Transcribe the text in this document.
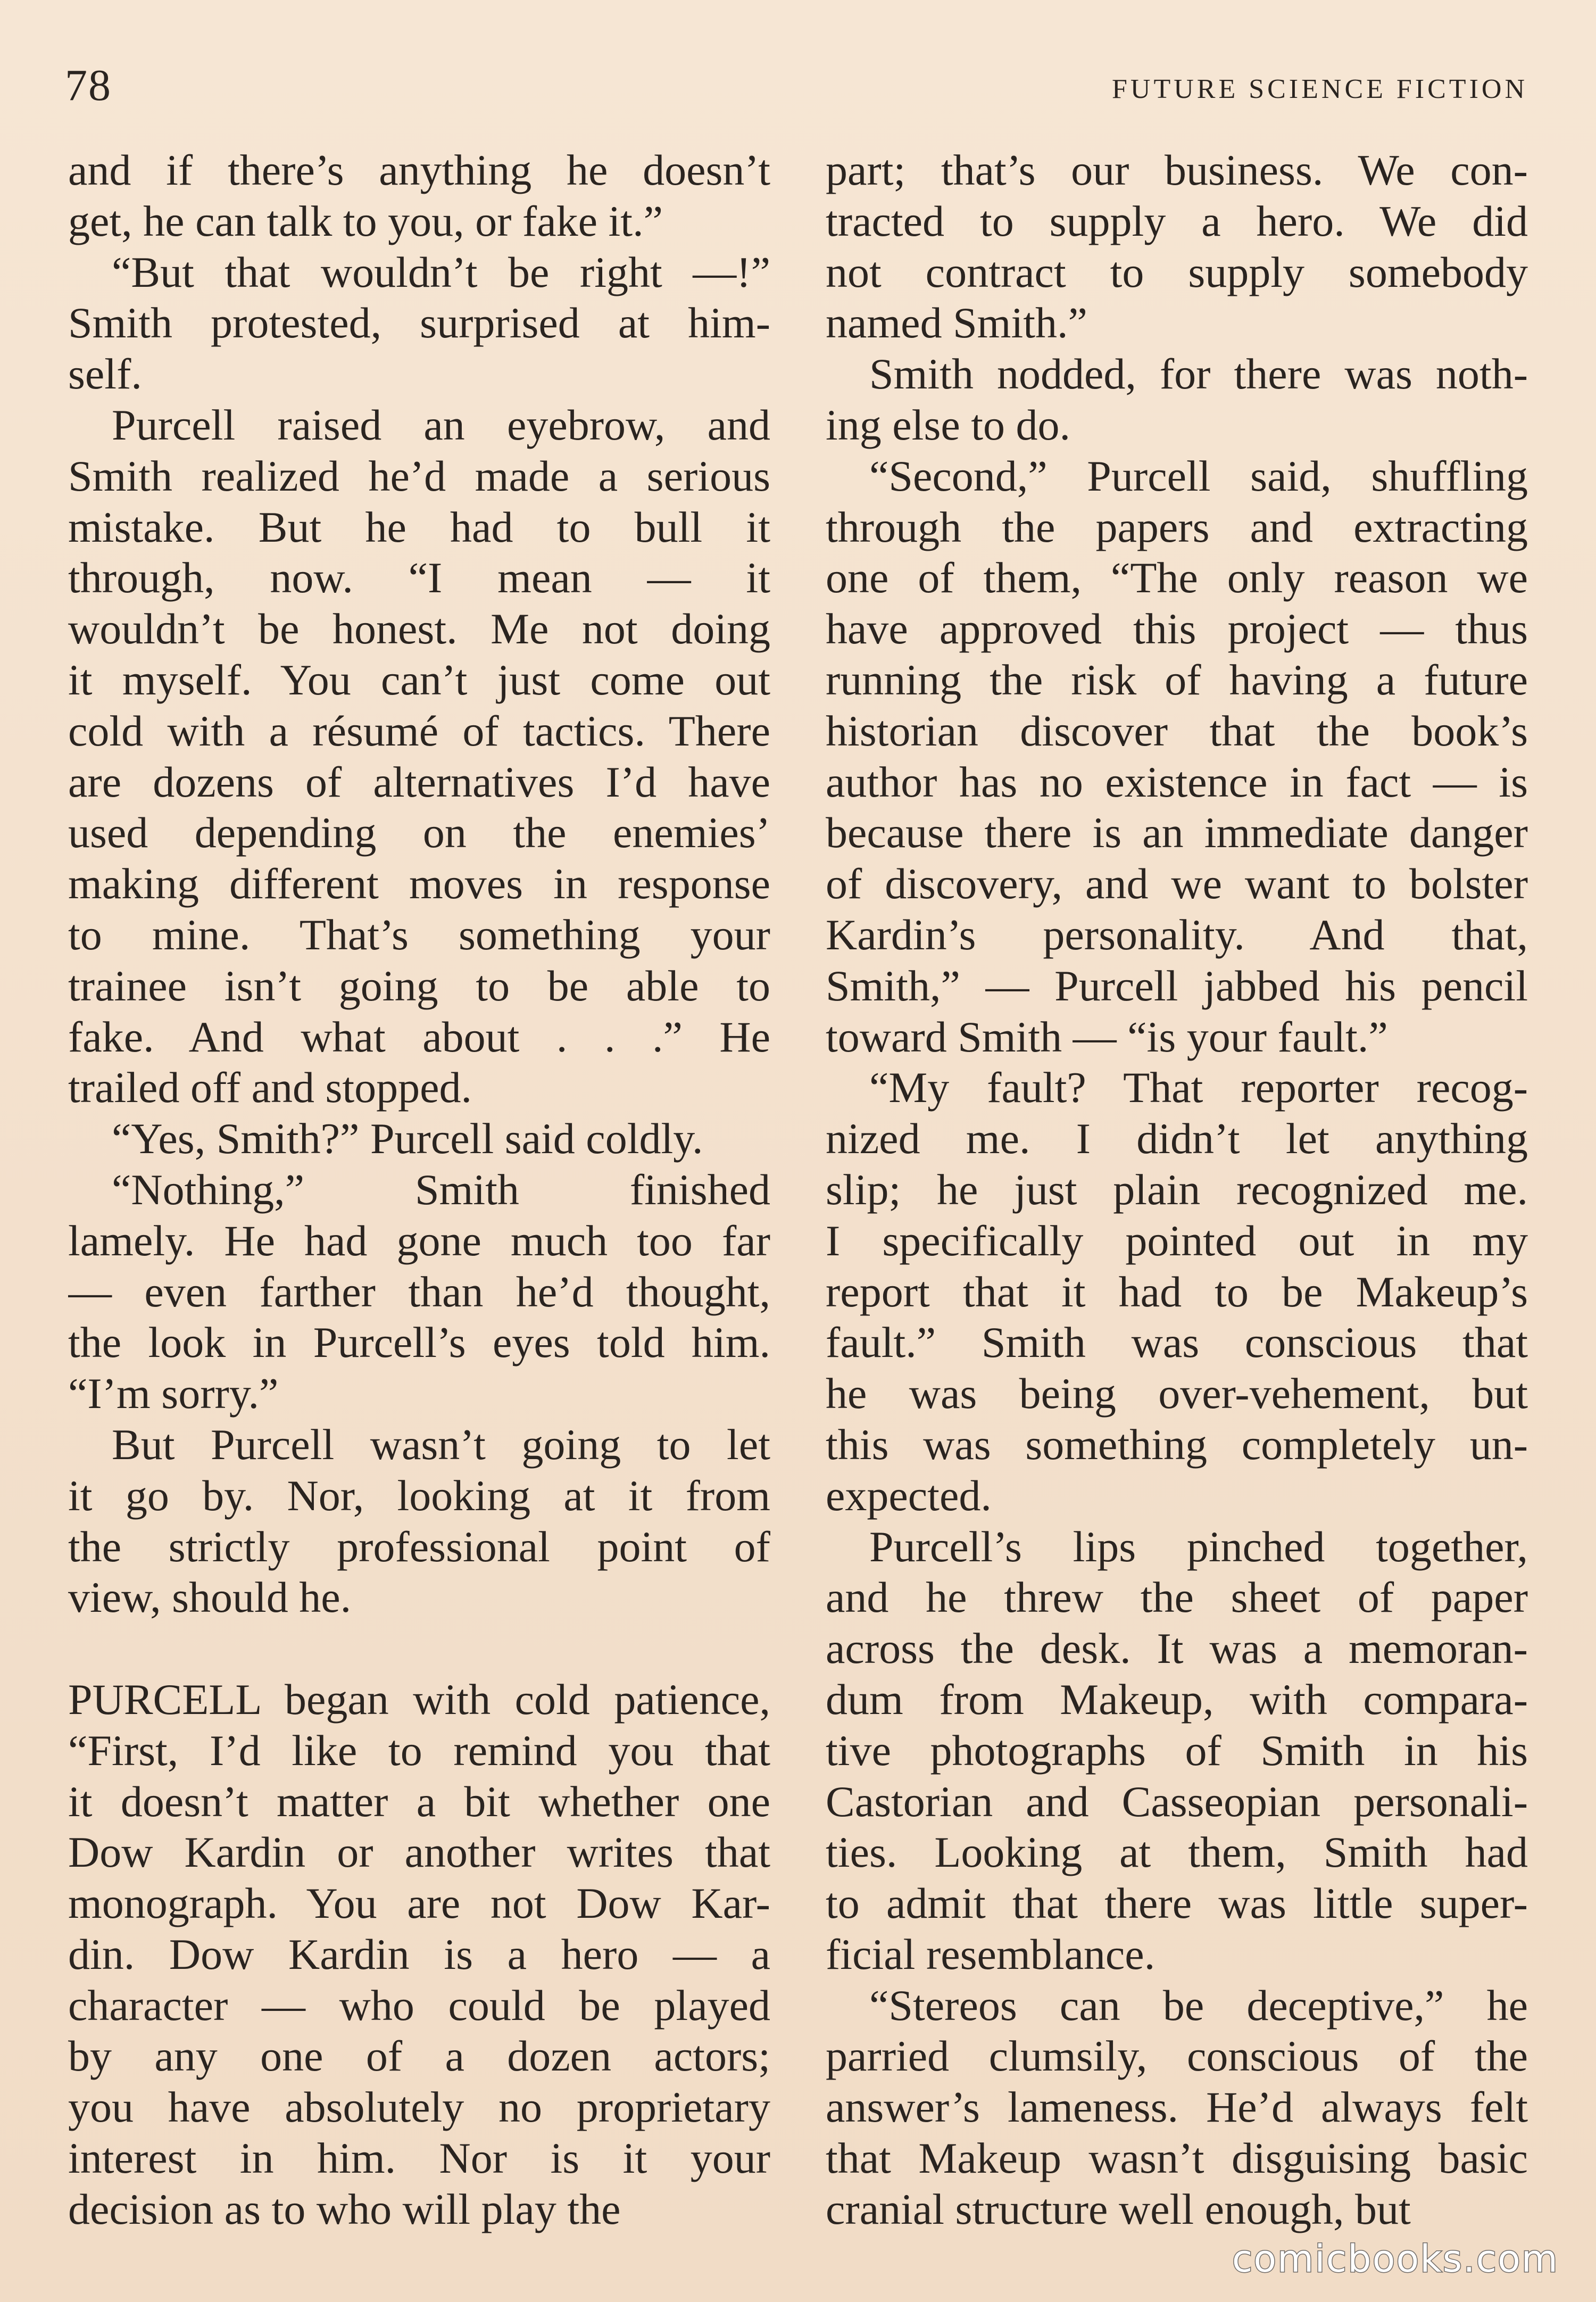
78	FUTURE SCIENCE FICTION
and if there’s anything he doesn’t
get, he can talk to you, or fake it.”
 “But that wouldn’t be right —!”
Smith protested, surprised at him-
self.
 Purcell raised an eyebrow, and
Smith realized he’d made a serious
mistake. But he had to bull it
through, now. “I mean — it
wouldn’t be honest. Me not doing
it myself. You can’t just come out
cold with a résumé of tactics. There
are dozens of alternatives I’d have
used depending on the enemies’
making different moves in response
to mine. That’s something your
trainee isn’t going to be able to
fake. And what about . . .” He
trailed off and stopped.
 “Yes, Smith?” Purcell said coldly.
 “Nothing,” Smith finished
lamely. He had gone much too far
— even farther than he’d thought,
the look in Purcell’s eyes told him.
“I’m sorry.”
 But Purcell wasn’t going to let
it go by. Nor, looking at it from
the strictly professional point of
view, should he.
PURCELL began with cold patience,
“First, I’d like to remind you that
it doesn’t matter a bit whether one
Dow Kardin or another writes that
monograph. You are not Dow Kar-
din. Dow Kardin is a hero — a
character — who could be played
by any one of a dozen actors;
you have absolutely no proprietary
interest in him. Nor is it your
decision as to who will play the
part; that’s our business. We con-
tracted to supply a hero. We did
not contract to supply somebody
named Smith.”
 Smith nodded, for there was noth-
ing else to do.
 “Second,” Purcell said, shuffling
through the papers and extracting
one of them, “The only reason we
have approved this project — thus
running the risk of having a future
historian discover that the book’s
author has no existence in fact — is
because there is an immediate danger
of discovery, and we want to bolster
Kardin’s personality. And that,
Smith,” — Purcell jabbed his pencil
toward Smith — “is your fault.”
 “My fault? That reporter recog-
nized me. I didn’t let anything
slip; he just plain recognized me.
I specifically pointed out in my
report that it had to be Makeup’s
fault.” Smith was conscious that
he was being over-vehement, but
this was something completely un-
expected.
 Purcell’s lips pinched together,
and he threw the sheet of paper
across the desk. It was a memoran-
dum from Makeup, with compara-
tive photographs of Smith in his
Castorian and Casseopian personali-
ties. Looking at them, Smith had
to admit that there was little super-
ficial resemblance.
 “Stereos can be deceptive,” he
parried clumsily, conscious of the
answer’s lameness. He’d always felt
that Makeup wasn’t disguising basic
cranial structure well enough, but
comicbooks.com
